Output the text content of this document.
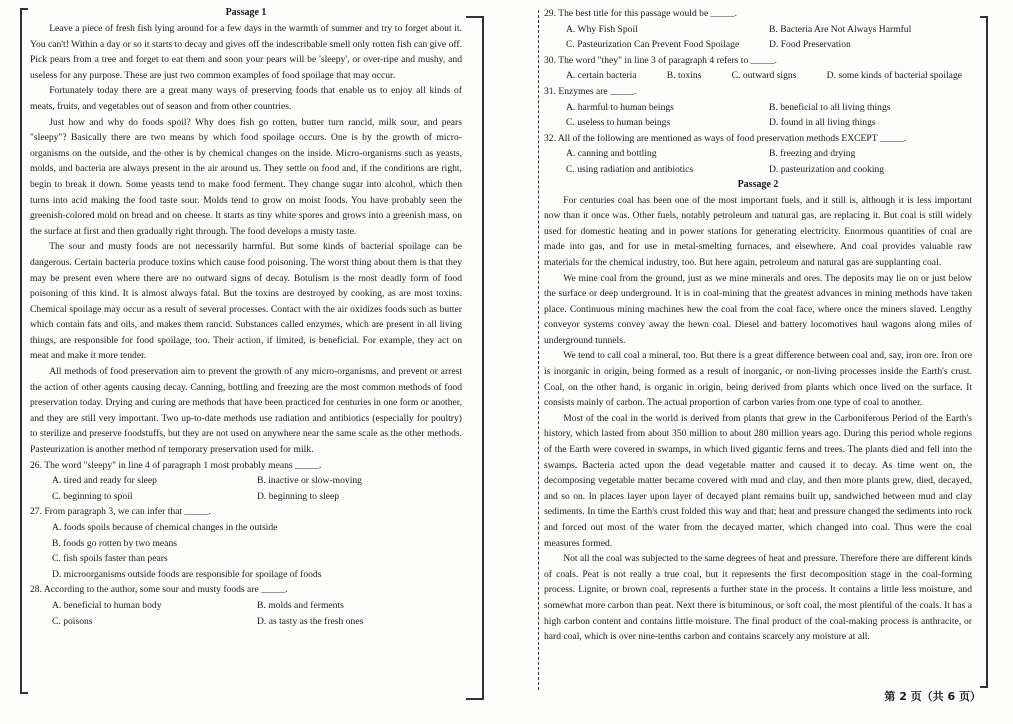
Passage 1

Leave a piece of fresh fish lying around for a few days in the warmth of summer and try to forget about it. You can't! Within a day or so it starts to decay and gives off the indescribable smell only rotten fish can give off. Pick pears from a tree and forget to eat them and soon your pears will be 'sleepy', or over-ripe and mushy, and useless for any purpose. These are just two common examples of food spoilage that may occur.

Fortunately today there are a great many ways of preserving foods that enable us to enjoy all kinds of meats, fruits, and vegetables out of season and from other countries.

Just how and why do foods spoil? Why does fish go rotten, butter turn rancid, milk sour, and pears "sleepy"? Basically there are two means by which food spoilage occurs. One is by the growth of micro-organisms on the outside, and the other is by chemical changes on the inside. Micro-organisms such as yeasts, molds, and bacteria are always present in the air around us. They settle on food and, if the conditions are right, begin to break it down. Some yeasts tend to make food ferment. They change sugar into alcohol, which then turns into acid making the food taste sour. Molds tend to grow on moist foods. You have probably seen the greenish-colored mold on bread and on cheese. It starts as tiny white spores and grows into a greenish mass, on the surface at first and then gradually right through. The food develops a musty taste.

The sour and musty foods are not necessarily harmful. But some kinds of bacterial spoilage can be dangerous. Certain bacteria produce toxins which cause food poisoning. The worst thing about them is that they may be present even where there are no outward signs of decay. Botulism is the most deadly form of food poisoning of this kind. It is almost always fatal. But the toxins are destroyed by cooking, as are most toxins. Chemical spoilage may occur as a result of several processes. Contact with the air oxidizes foods such as butter which contain fats and oils, and makes them rancid. Substances called enzymes, which are present in all living things, are responsible for food spoilage, too. Their action, if limited, is beneficial. For example, they act on meat and make it more tender.

All methods of food preservation aim to prevent the growth of any micro-organisms, and prevent or arrest the action of other agents causing decay. Canning, bottling and freezing are the most common methods of food preservation today. Drying and curing are methods that have been practiced for centuries in one form or another, and they are still very important. Two up-to-date methods use radiation and antibiotics (especially for poultry) to sterilize and preserve foodstuffs, but they are not used on anywhere near the same scale as the other methods. Pasteurization is another method of temporary preservation used for milk.

26. The word "sleepy" in line 4 of paragraph 1 most probably means _____.
A. tired and ready for sleep	B. inactive or slow-moving
C. beginning to spoil	D. beginning to sleep
27. From paragraph 3, we can infer that _____.
A. foods spoils because of chemical changes in the outside
B. foods go rotten by two means
C. fish spoils faster than pears
D. microorganisms outside foods are responsible for spoilage of foods
28. According to the author, some sour and musty foods are _____.
A. beneficial to human body	B. molds and ferments
C. poisons	D. as tasty as the fresh ones
29. The best title for this passage would be _____.
A. Why Fish Spoil	B. Bacteria Are Not Always Harmful
C. Pasteurization Can Prevent Food Spoilage	D. Food Preservation
30. The word "they" in line 3 of paragraph 4 refers to _____.
A. certain bacteria	B. toxins	C. outward signs	D. some kinds of bacterial spoilage
31. Enzymes are _____.
A. harmful to human beings	B. beneficial to all living things
C. useless to human beings	D. found in all living things
32. All of the following are mentioned as ways of food preservation methods EXCEPT _____.
A. canning and bottling	B. freezing and drying
C. using radiation and antibiotics	D. pasteurization and cooking
Passage 2

For centuries coal has been one of the most important fuels, and it still is, although it is less important now than it once was. Other fuels, notably petroleum and natural gas, are replacing it. But coal is still widely used for domestic heating and in power stations for generating electricity. Enormous quantities of coal are made into gas, and for use in metal-smelting furnaces, and elsewhere. And coal provides valuable raw materials for the chemical industry, too. But here again, petroleum and natural gas are supplanting coal.

We mine coal from the ground, just as we mine minerals and ores. The deposits may lie on or just below the surface or deep underground. It is in coal-mining that the greatest advances in mining methods have taken place. Continuous mining machines hew the coal from the coal face, where once the miners slaved. Lengthy conveyor systems convey away the hewn coal. Diesel and battery locomotives haul wagons along miles of underground tunnels.

We tend to call coal a mineral, too. But there is a great difference between coal and, say, iron ore. Iron ore is inorganic in origin, being formed as a result of inorganic, or non-living processes inside the Earth's crust. Coal, on the other hand, is organic in origin, being derived from plants which once lived on the surface. It consists mainly of carbon. The actual proportion of carbon varies from one type of coal to another.

Most of the coal in the world is derived from plants that grew in the Carboniferous Period of the Earth's history, which lasted from about 350 million to about 280 million years ago. During this period whole regions of the Earth were covered in swamps, in which lived gigantic ferns and trees. The plants died and fell into the swamps. Bacteria acted upon the dead vegetable matter and caused it to decay. As time went on, the decomposing vegetable matter became covered with mud and clay, and then more plants grew, died, decayed, and so on. In places layer upon layer of decayed plant remains built up, sandwiched between mud and clay sediments. In time the Earth's crust folded this way and that; heat and pressure changed the sediments into rock and forced out most of the water from the decayed matter, which changed into coal. Thus were the coal measures formed.

Not all the coal was subjected to the same degrees of heat and pressure. Therefore there are different kinds of coals. Peat is not really a true coal, but it represents the first decomposition stage in the coal-forming process. Lignite, or brown coal, represents a further state in the process. It contains a little less moisture, and somewhat more carbon than peat. Next there is bituminous, or soft coal, the most plentiful of the coals. It has a high carbon content and contains little moisture. The final product of the coal-making process is anthracite, or hard coal, which is over nine-tenths carbon and contains scarcely any moisture at all.

第 2 页（共 6 页）
